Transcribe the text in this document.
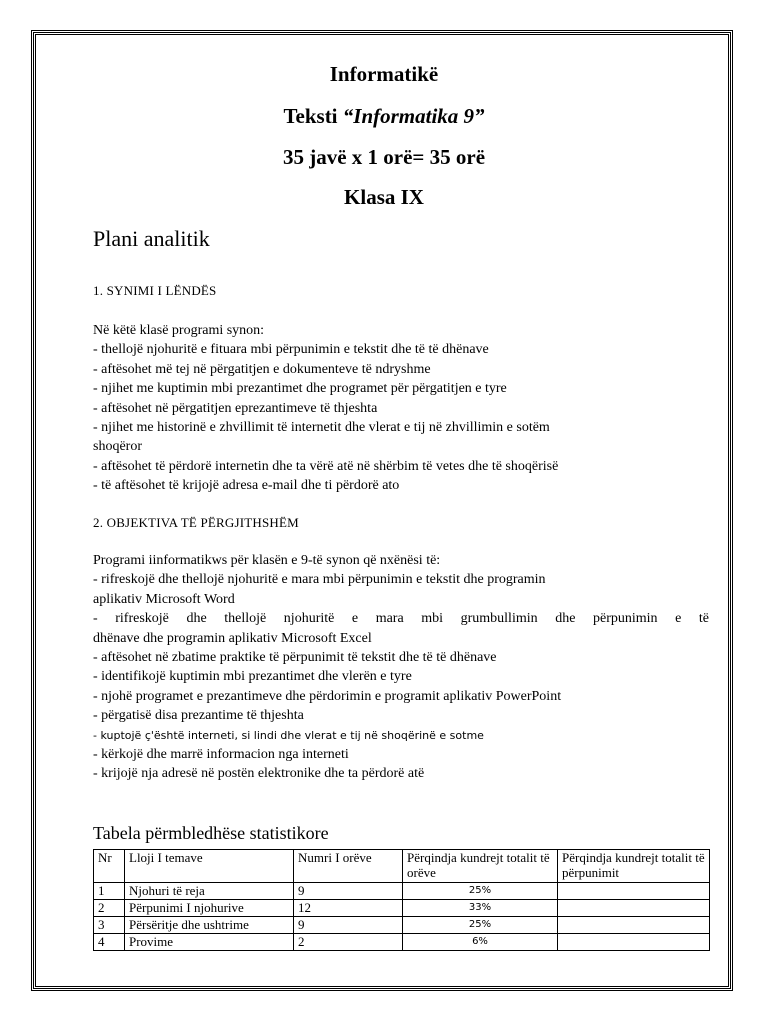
Informatikë
Teksti “Informatika 9”
35 javë x 1 orë= 35 orë
Klasa IX
Plani analitik
1. SYNIMI I LËNDËS
Në këtë klasë programi synon:
- thellojë njohuritë e fituara mbi përpunimin e tekstit dhe të të dhënave
- aftësohet më tej në përgatitjen e dokumenteve të ndryshme
- njihet me kuptimin mbi prezantimet dhe programet për përgatitjen e tyre
- aftësohet në përgatitjen eprezantimeve të thjeshta
- njihet me historinë e zhvillimit të internetit dhe vlerat e tij në zhvillimin e sotëm
shoqëror
- aftësohet të përdorë internetin dhe ta vërë atë në shërbim të vetes dhe të shoqërisë
- të aftësohet të krijojë adresa e-mail dhe ti përdorë ato
2. OBJEKTIVA TË PËRGJITHSHËM
Programi iinformatikws për klasën e 9-të synon që nxënësi të:
- rifreskojë dhe thellojë njohuritë e mara mbi përpunimin e tekstit dhe programin
aplikativ Microsoft Word
- rifreskojë dhe thellojë njohuritë e mara mbi grumbullimin dhe përpunimin e të
dhënave dhe programin aplikativ Microsoft Excel
- aftësohet në zbatime praktike të përpunimit të tekstit dhe të të dhënave
- identifikojë kuptimin mbi prezantimet dhe vlerën e tyre
- njohë programet e prezantimeve dhe përdorimin e programit aplikativ PowerPoint
- përgatisë disa prezantime të thjeshta
- kuptojë ç'është interneti, si lindi dhe vlerat e tij në shoqërinë e sotme
- kërkojë dhe marrë informacion nga interneti
- krijojë nja adresë në postën elektronike dhe ta përdorë atë
Tabela përmbledhëse statistikore
Nr	Lloji I temave	Numri I orëve	Përqindja kundrejt totalit të orëve	Përqindja kundrejt totalit të përpunimit
1	Njohuri të reja	9	25%	
2	Përpunimi I njohurive	12	33%	
3	Përsëritje dhe ushtrime	9	25%	
4	Provime	2	6%	
